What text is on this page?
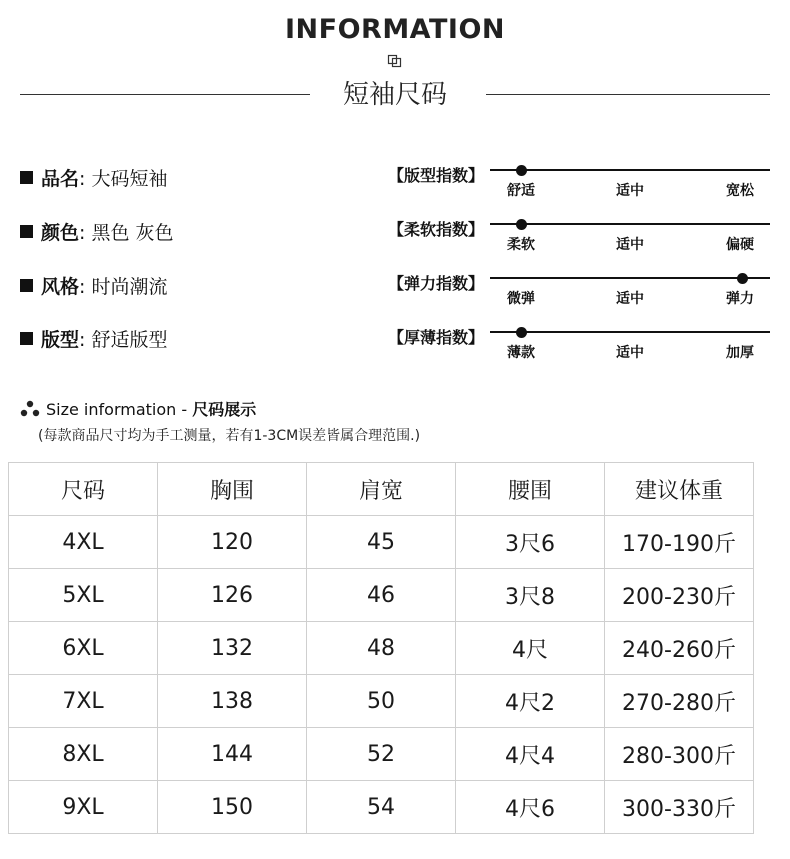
INFORMATION
短袖尺码
品名: 大码短袖
颜色: 黑色 灰色
风格: 时尚潮流
版型: 舒适版型
【版型指数】
舒适	适中	宽松
【柔软指数】
柔软	适中	偏硬
【弹力指数】
微弹	适中	弹力
【厚薄指数】
薄款	适中	加厚
Size information - 尺码展示
(每款商品尺寸均为手工测量，若有1-3CM误差皆属合理范围.)
尺码	胸围	肩宽	腰围	建议体重
4XL	120	45	3尺6	170-190斤
5XL	126	46	3尺8	200-230斤
6XL	132	48	4尺	240-260斤
7XL	138	50	4尺2	270-280斤
8XL	144	52	4尺4	280-300斤
9XL	150	54	4尺6	300-330斤
